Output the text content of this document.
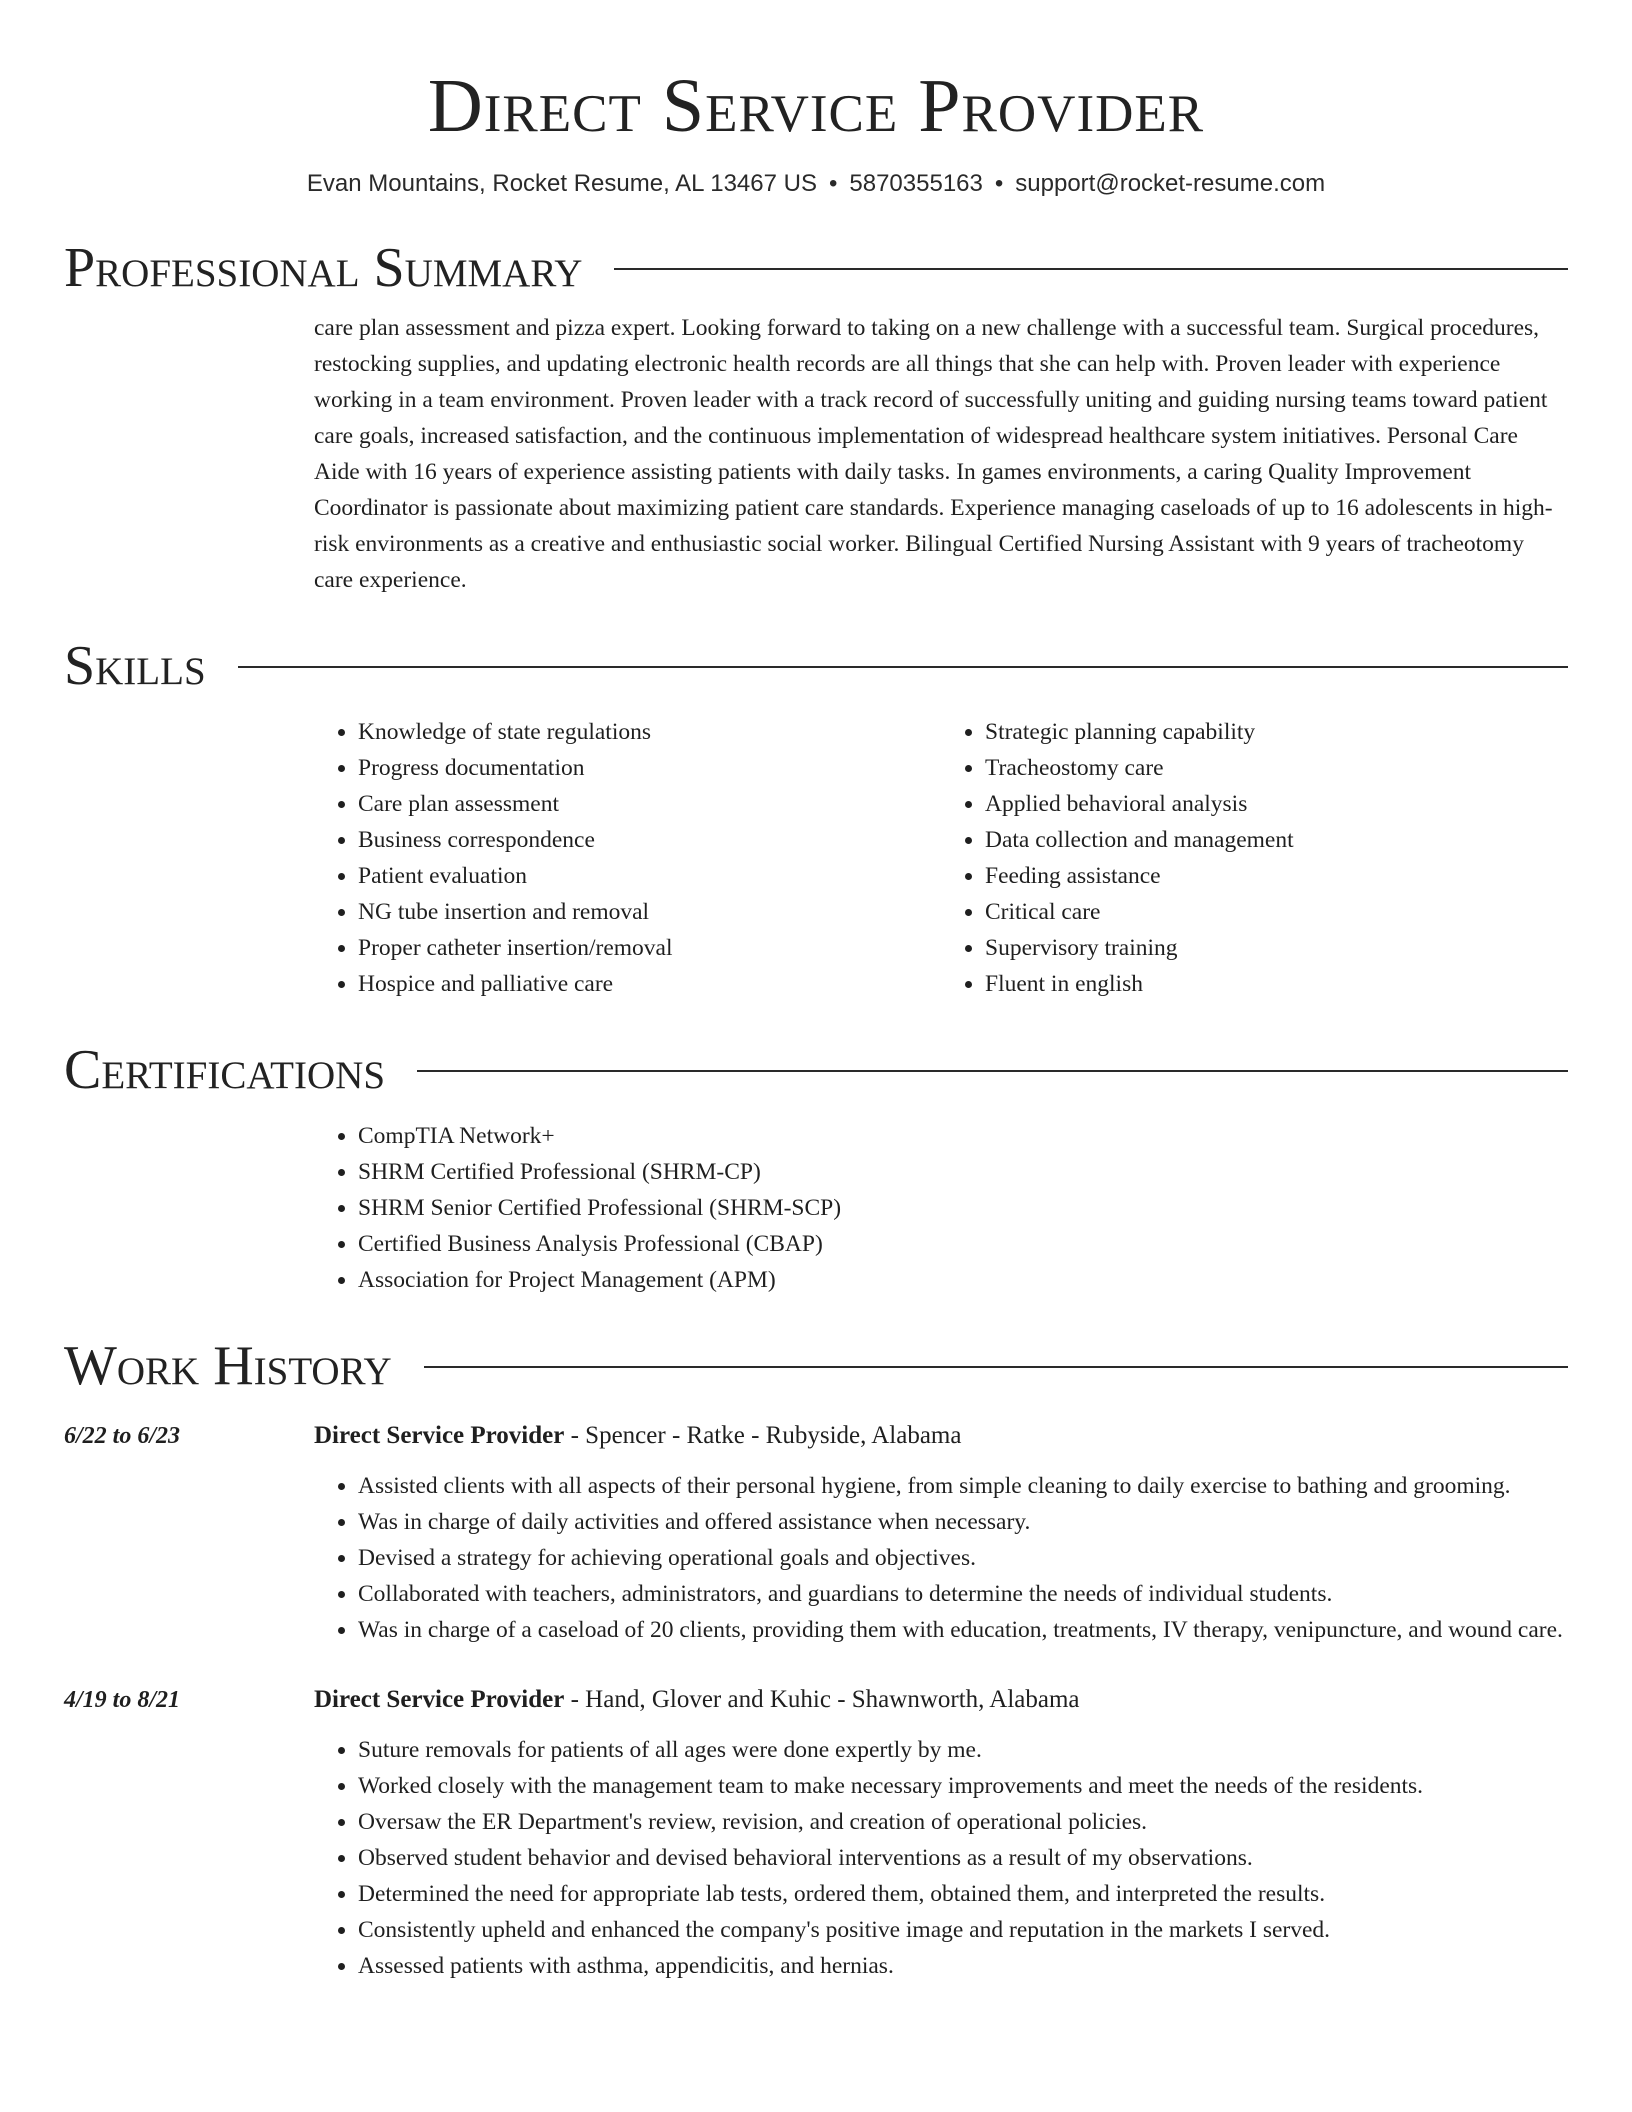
Direct Service Provider
Evan Mountains, Rocket Resume, AL 13467 US • 5870355163 • support@rocket-resume.com
Professional Summary
care plan assessment and pizza expert. Looking forward to taking on a new challenge with a successful team. Surgical procedures, restocking supplies, and updating electronic health records are all things that she can help with. Proven leader with experience working in a team environment. Proven leader with a track record of successfully uniting and guiding nursing teams toward patient care goals, increased satisfaction, and the continuous implementation of widespread healthcare system initiatives. Personal Care Aide with 16 years of experience assisting patients with daily tasks. In games environments, a caring Quality Improvement Coordinator is passionate about maximizing patient care standards. Experience managing caseloads of up to 16 adolescents in high-risk environments as a creative and enthusiastic social worker. Bilingual Certified Nursing Assistant with 9 years of tracheotomy care experience.
Skills
• Knowledge of state regulations
• Progress documentation
• Care plan assessment
• Business correspondence
• Patient evaluation
• NG tube insertion and removal
• Proper catheter insertion/removal
• Hospice and palliative care
• Strategic planning capability
• Tracheostomy care
• Applied behavioral analysis
• Data collection and management
• Feeding assistance
• Critical care
• Supervisory training
• Fluent in english
Certifications
• CompTIA Network+
• SHRM Certified Professional (SHRM-CP)
• SHRM Senior Certified Professional (SHRM-SCP)
• Certified Business Analysis Professional (CBAP)
• Association for Project Management (APM)
Work History
6/22 to 6/23	Direct Service Provider - Spencer - Ratke - Rubyside, Alabama
• Assisted clients with all aspects of their personal hygiene, from simple cleaning to daily exercise to bathing and grooming.
• Was in charge of daily activities and offered assistance when necessary.
• Devised a strategy for achieving operational goals and objectives.
• Collaborated with teachers, administrators, and guardians to determine the needs of individual students.
• Was in charge of a caseload of 20 clients, providing them with education, treatments, IV therapy, venipuncture, and wound care.
4/19 to 8/21	Direct Service Provider - Hand, Glover and Kuhic - Shawnworth, Alabama
• Suture removals for patients of all ages were done expertly by me.
• Worked closely with the management team to make necessary improvements and meet the needs of the residents.
• Oversaw the ER Department's review, revision, and creation of operational policies.
• Observed student behavior and devised behavioral interventions as a result of my observations.
• Determined the need for appropriate lab tests, ordered them, obtained them, and interpreted the results.
• Consistently upheld and enhanced the company's positive image and reputation in the markets I served.
• Assessed patients with asthma, appendicitis, and hernias.
